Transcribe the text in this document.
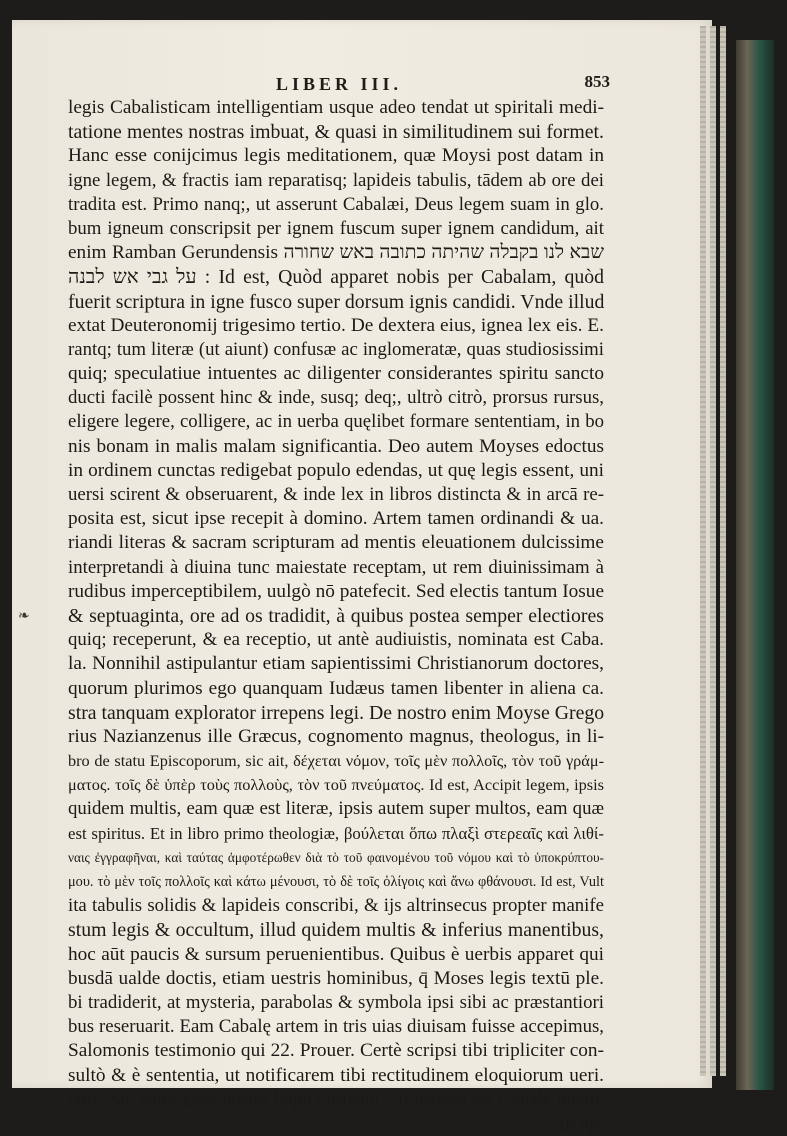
LIBER III.	853
❧
legis Cabalisticam intelligentiam usque adeo tendat ut spiritali medi-
tatione mentes nostras imbuat, & quasi in similitudinem sui formet.
Hanc esse conijcimus legis meditationem, quæ Moysi post datam in
igne legem, & fractis iam reparatisq; lapideis tabulis, tādem ab ore dei
tradita est. Primo nanq;, ut asserunt Cabalæi, Deus legem suam in glo.
bum igneum conscripsit per ignem fuscum super ignem candidum, ait
enim Ramban Gerundensis שבא לנו בקבלה שהיתה כתובה באש שחורה
על גבי אש לבנה : Id est, Quòd apparet nobis per Cabalam, quòd
fuerit scriptura in igne fusco super dorsum ignis candidi. Vnde illud
extat Deuteronomij trigesimo tertio. De dextera eius, ignea lex eis. E.
rantq; tum literæ (ut aiunt) confusæ ac inglomeratæ, quas studiosissimi
quiq; speculatiue intuentes ac diligenter considerantes spiritu sancto
ducti facilè possent hinc & inde, susq; deq;, ultrò citrò, prorsus rursus,
eligere legere, colligere, ac in uerba quęlibet formare sententiam, in bo
nis bonam in malis malam significantia. Deo autem Moyses edoctus
in ordinem cunctas redigebat populo edendas, ut quę legis essent, uni
uersi scirent & obseruarent, & inde lex in libros distincta & in arcā re-
posita est, sicut ipse recepit à domino. Artem tamen ordinandi & ua.
riandi literas & sacram scripturam ad mentis eleuationem dulcissime
interpretandi à diuina tunc maiestate receptam, ut rem diuinissimam à
rudibus imperceptibilem, uulgò nō patefecit. Sed electis tantum Iosue
& septuaginta, ore ad os tradidit, à quibus postea semper electiores
quiq; receperunt, & ea receptio, ut antè audiuistis, nominata est Caba.
la. Nonnihil astipulantur etiam sapientissimi Christianorum doctores,
quorum plurimos ego quanquam Iudæus tamen libenter in aliena ca.
stra tanquam explorator irrepens legi. De nostro enim Moyse Grego
rius Nazianzenus ille Græcus, cognomento magnus, theologus, in li-
bro de statu Episcoporum, sic ait, δέχεται νόμον, τοῖς μὲν πολλοῖς, τὸν τοῦ γράμ-
ματος. τοῖς δὲ ὑπὲρ τοὺς πολλοὺς, τὸν τοῦ πνεύματος. Id est, Accipit legem, ipsis
quidem multis, eam quæ est literæ, ipsis autem super multos, eam quæ
est spiritus. Et in libro primo theologiæ, βούλεται ὅπω πλαξὶ στερεαῖς καὶ λιθί-
ναις ἐγγραφῆναι, καὶ ταύτας ἀμφοτέρωθεν διὰ τὸ τοῦ φαινομένου τοῦ νόμου καὶ τὸ ὑποκρύπτου-
μου. τὸ μὲν τοῖς πολλοῖς καὶ κάτω μένουσι, τὸ δὲ τοῖς ὀλίγοις καὶ ἄνω φθάνουσι. Id est, Vult
ita tabulis solidis & lapideis conscribi, & ijs altrinsecus propter manife
stum legis & occultum, illud quidem multis & inferius manentibus,
hoc aūt paucis & sursum peruenientibus. Quibus è uerbis apparet qui
busdā ualde doctis, etiam uestris hominibus, q̄ Moses legis textū ple.
bi tradiderit, at mysteria, parabolas & symbola ipsi sibi ac præstantiori
bus reseruarit. Eam Cabalę artem in tris uias diuisam fuisse accepimus,
Salomonis testimonio qui 22. Prouer. Certè scripsi tibi tripliciter con-
sultò & è sententia, ut notificarem tibi rectitudinem eloquiorum ueri.
tatis. Sic enim gens nostra loqui cōsueuit, cū habēda est Cabalę mētio,
ut ap.
